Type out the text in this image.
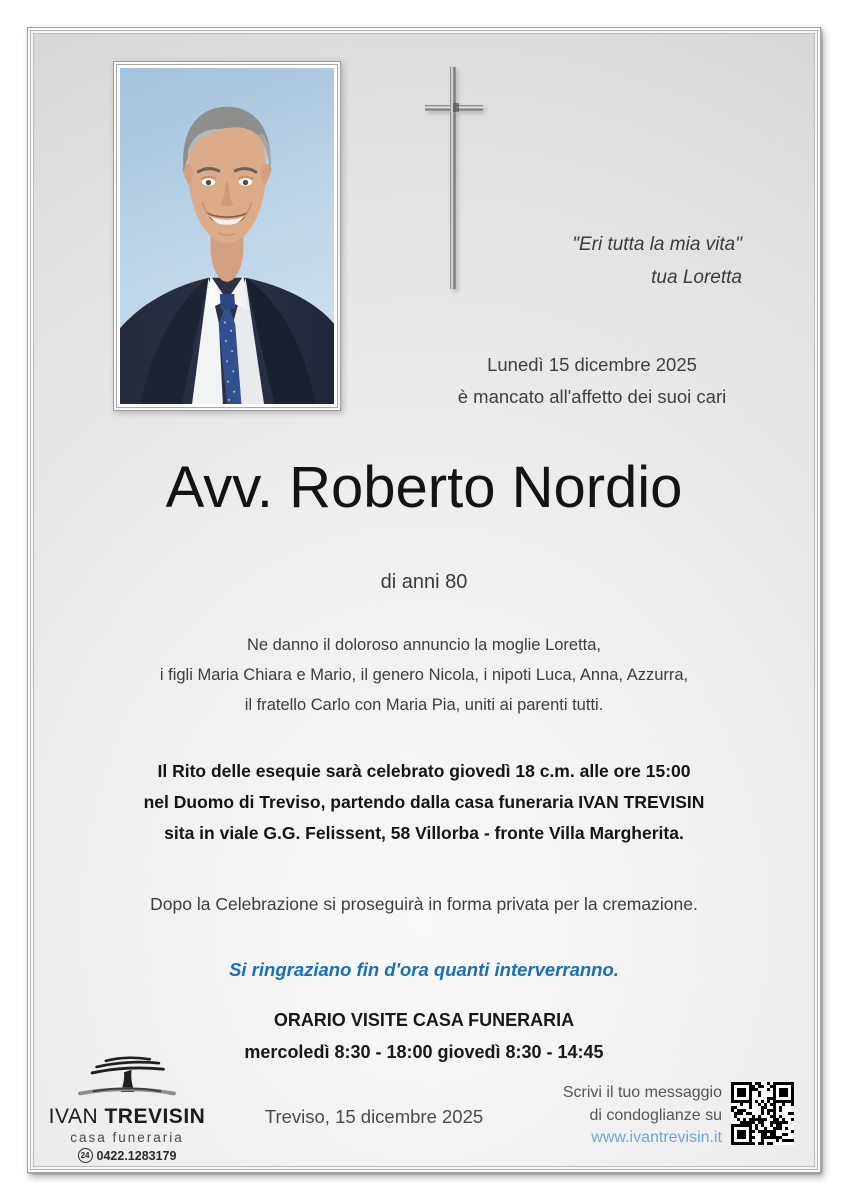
"Eri tutta la mia vita"
tua Loretta
Lunedì 15 dicembre 2025
è mancato all'affetto dei suoi cari
Avv. Roberto Nordio
di anni 80
Ne danno il doloroso annuncio la moglie Loretta,
i figli Maria Chiara e Mario, il genero Nicola, i nipoti Luca, Anna, Azzurra,
il fratello Carlo con Maria Pia, uniti ai parenti tutti.
Il Rito delle esequie sarà celebrato giovedì 18 c.m. alle ore 15:00
nel Duomo di Treviso, partendo dalla casa funeraria IVAN TREVISIN
sita in viale G.G. Felissent, 58 Villorba - fronte Villa Margherita.
Dopo la Celebrazione si proseguirà in forma privata per la cremazione.
Si ringraziano fin d'ora quanti interverranno.
ORARIO VISITE CASA FUNERARIA
mercoledì 8:30 - 18:00 giovedì 8:30 - 14:45
IVAN TREVISIN
casa funeraria
24 0422.1283179
Treviso, 15 dicembre 2025
Scrivi il tuo messaggio
di condoglianze su
www.ivantrevisin.it
